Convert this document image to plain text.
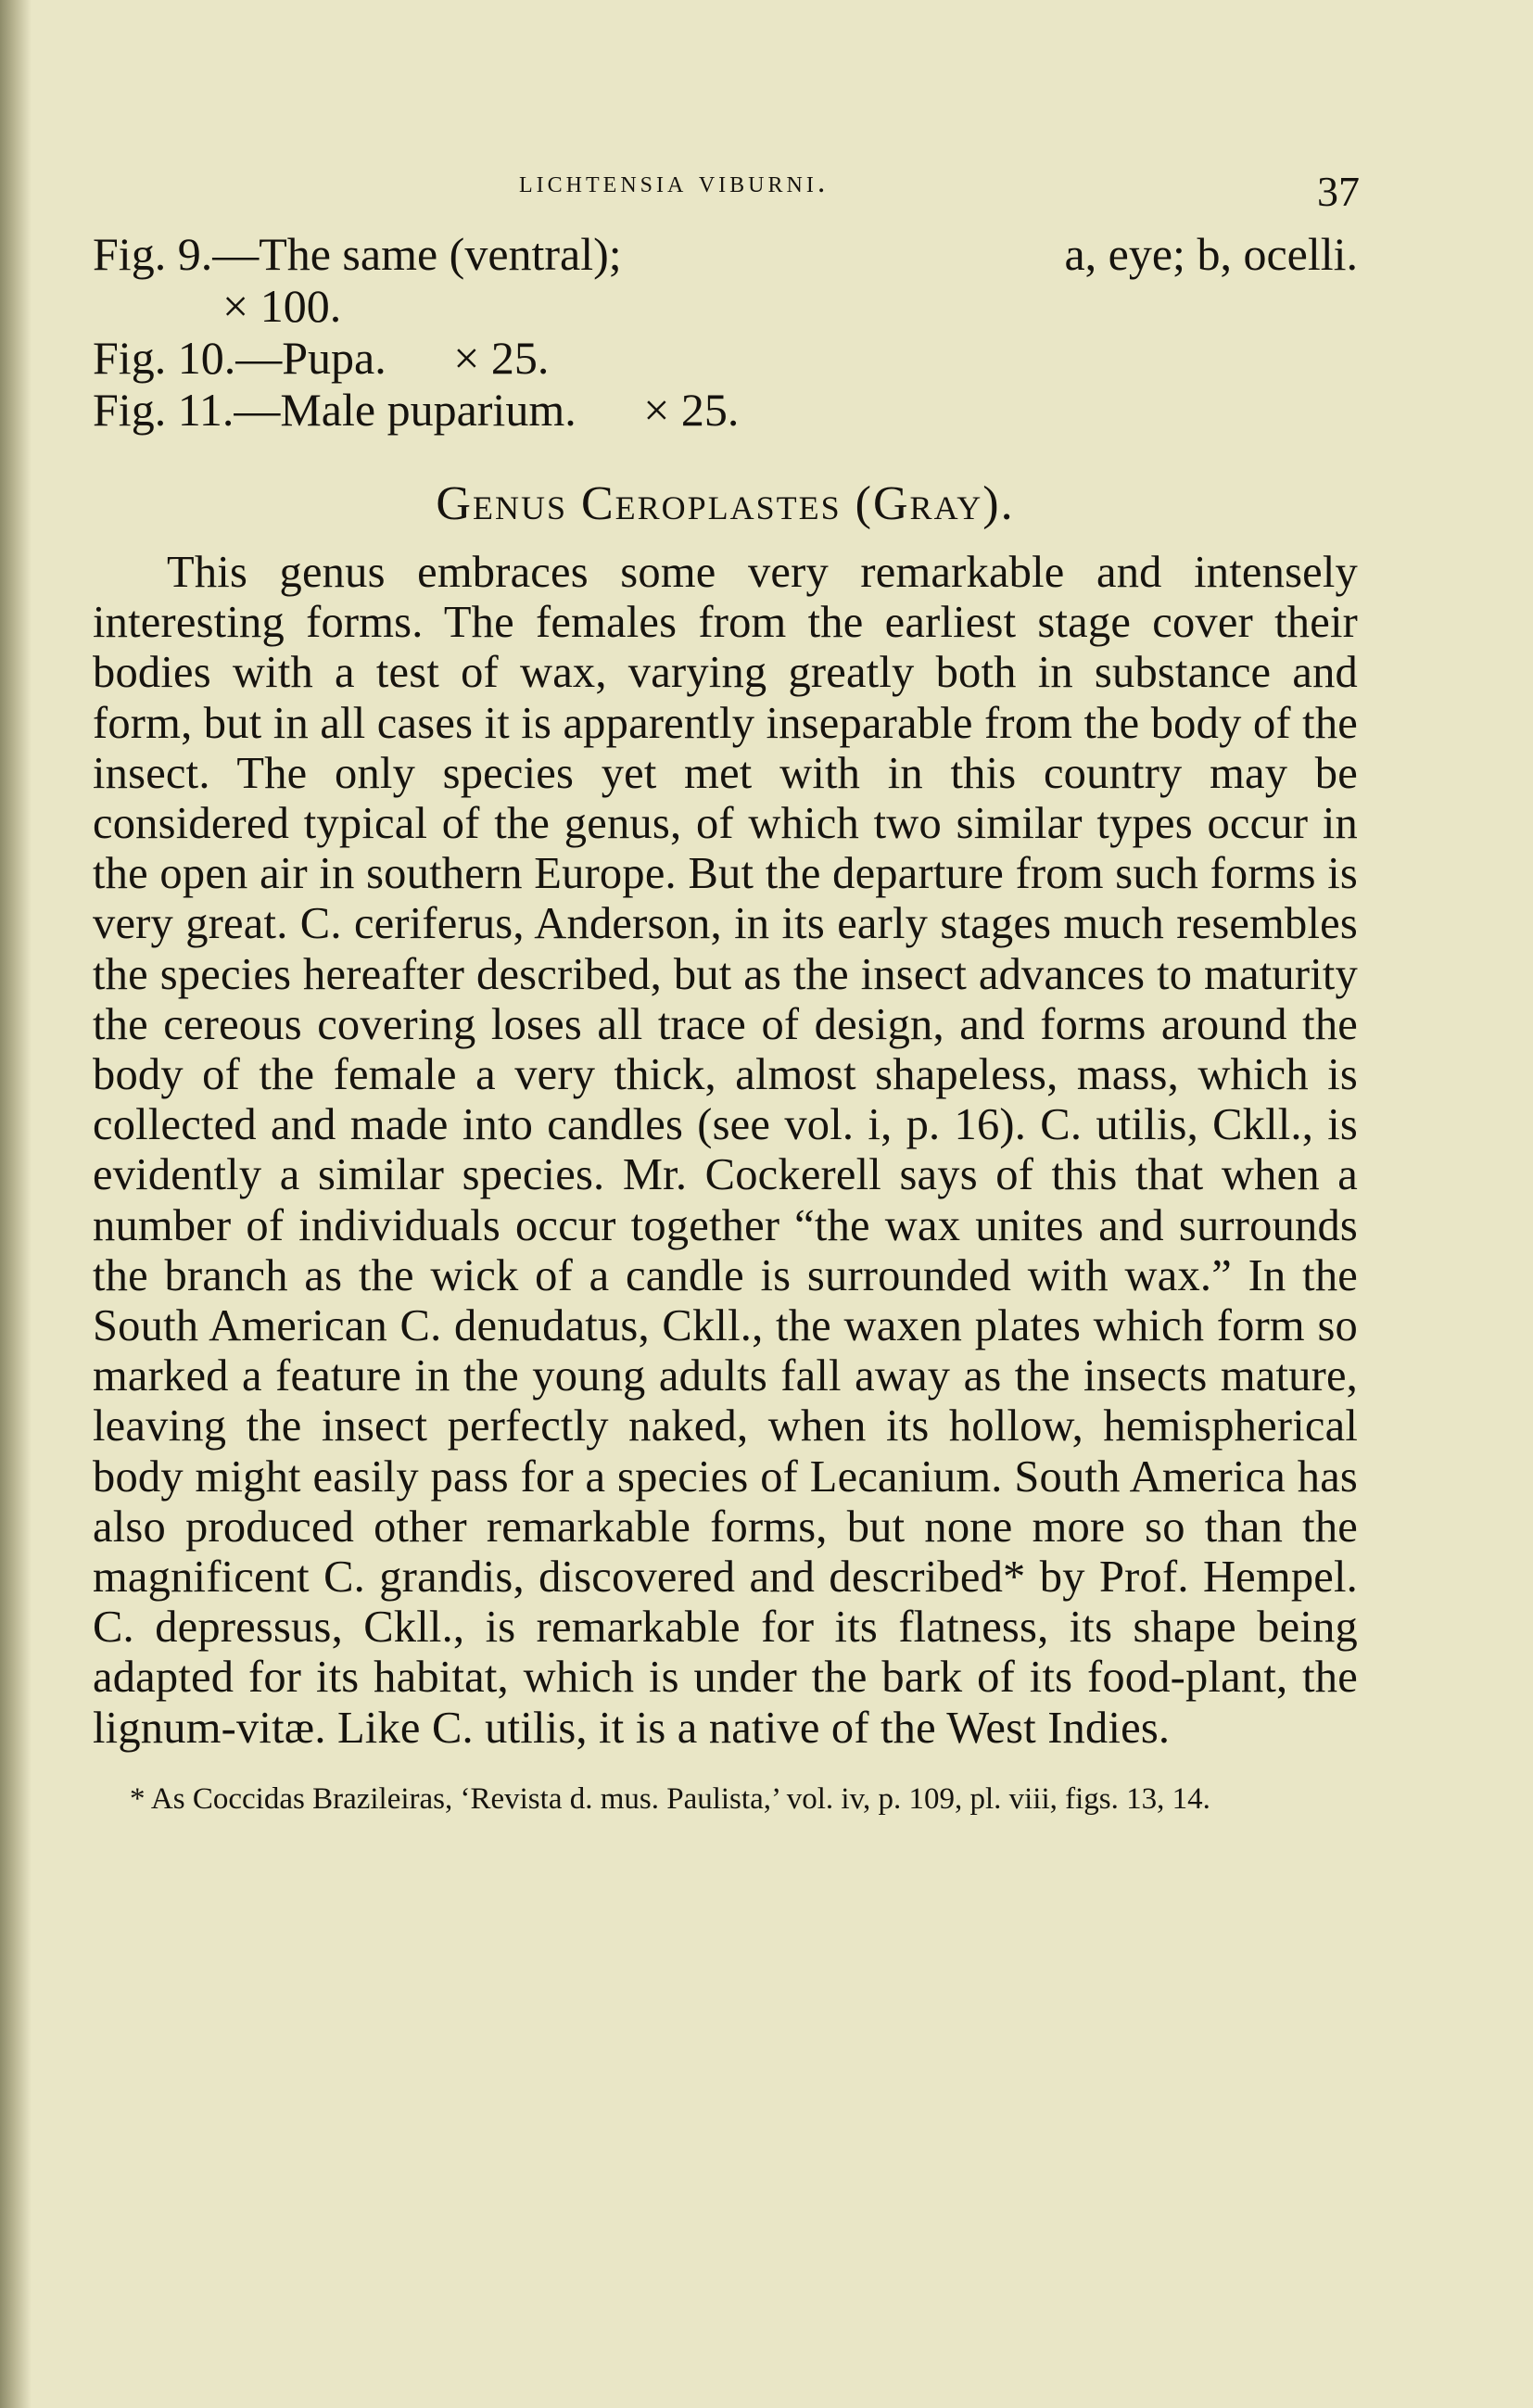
lichtensia viburni.	37
Fig. 9.—The same (ventral);	a, eye; b, ocelli.
× 100.
Fig. 10.—Pupa. × 25.
Fig. 11.—Male puparium. × 25.
Genus Ceroplastes (Gray).

This genus embraces some very remarkable and intensely interesting forms. The females from the earliest stage cover their bodies with a test of wax, varying greatly both in substance and form, but in all cases it is apparently inseparable from the body of the insect. The only species yet met with in this country may be considered typical of the genus, of which two similar types occur in the open air in southern Europe. But the departure from such forms is very great. C. ceriferus, Anderson, in its early stages much resembles the species hereafter described, but as the insect advances to maturity the cereous covering loses all trace of design, and forms around the body of the female a very thick, almost shapeless, mass, which is collected and made into candles (see vol. i, p. 16). C. utilis, Ckll., is evidently a similar species. Mr. Cockerell says of this that when a number of individuals occur together “the wax unites and surrounds the branch as the wick of a candle is surrounded with wax.” In the South American C. denudatus, Ckll., the waxen plates which form so marked a feature in the young adults fall away as the insects mature, leaving the insect perfectly naked, when its hollow, hemispherical body might easily pass for a species of Lecanium. South America has also produced other remarkable forms, but none more so than the magnificent C. grandis, discovered and described* by Prof. Hempel. C. depressus, Ckll., is remarkable for its flatness, its shape being adapted for its habitat, which is under the bark of its food-plant, the lignum-vitæ. Like C. utilis, it is a native of the West Indies.

* As Coccidas Brazileiras, ‘Revista d. mus. Paulista,’ vol. iv, p. 109, pl. viii, figs. 13, 14.
